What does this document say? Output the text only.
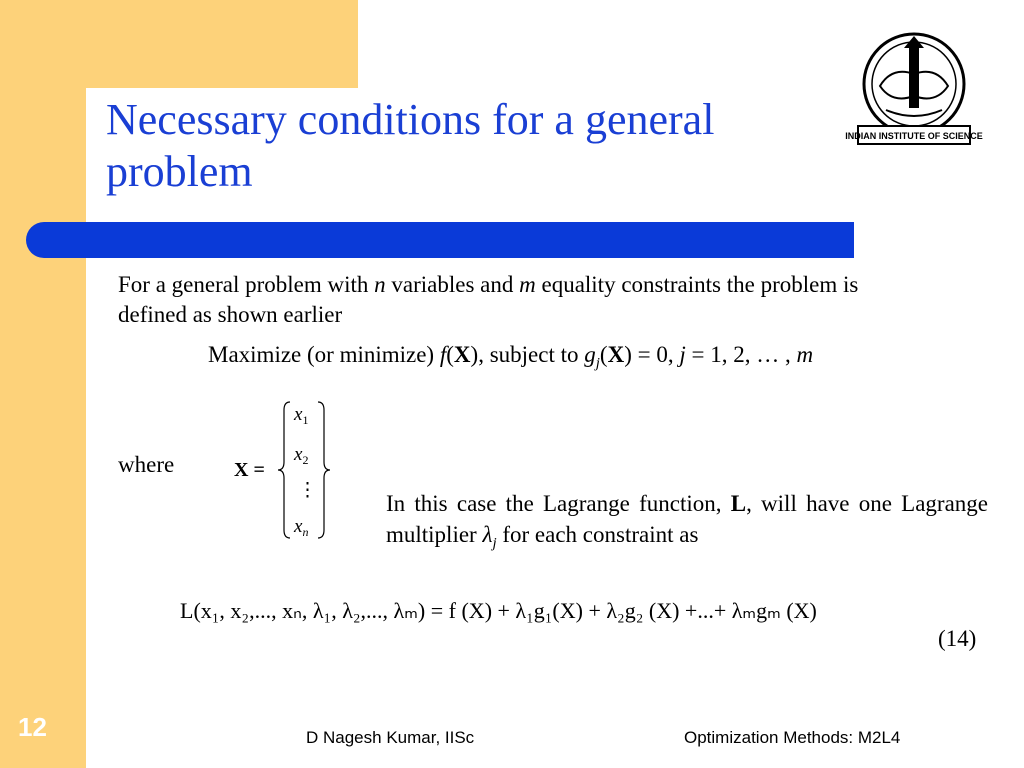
Necessary conditions for a general problem
INDIAN INSTITUTE OF SCIENCE
For a general problem with n variables and m equality constraints the problem is defined as shown earlier
Maximize (or minimize) f(X), subject to $g_j(X) = 0$, j = 1, 2, … , m
where	X =
$x_1$
$x_2$
⋮
$x_n$
In this case the Lagrange function, L, will have one Lagrange multiplier $\lambda_j$ for each constraint as
L(x₁, x₂,..., xₙ, λ₁, λ₂,..., λₘ) = f (X) + λ₁g₁(X) + λ₂g₂ (X) +...+ λₘgₘ (X)
(14)
12	D Nagesh Kumar, IISc	Optimization Methods: M2L4
